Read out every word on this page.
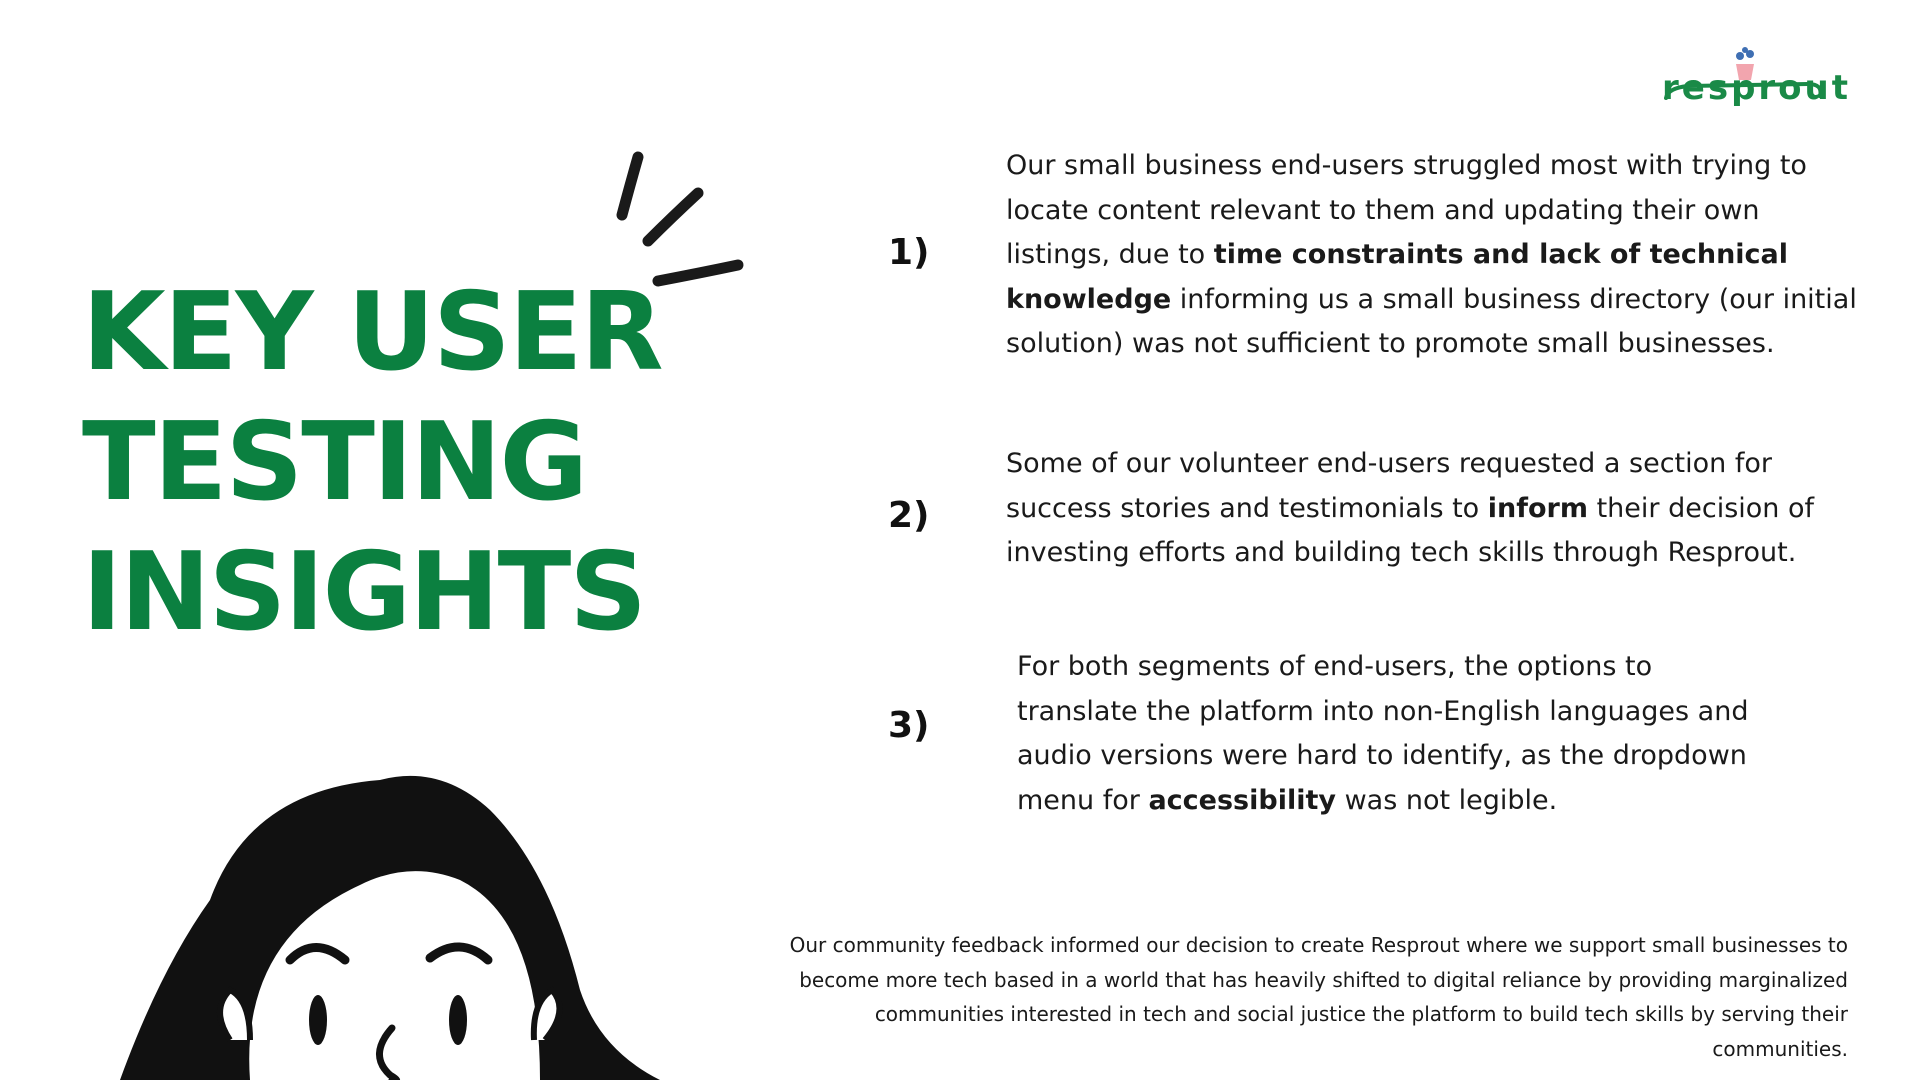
resprout
KEY USER
TESTING
INSIGHTS
1)
Our small business end-users struggled most with trying to locate content relevant to them and updating their own listings, due to time constraints and lack of technical knowledge informing us a small business directory (our initial solution) was not sufficient to promote small businesses.
2)
Some of our volunteer end-users requested a section for success stories and testimonials to inform their decision of investing efforts and building tech skills through Resprout.
3)
For both segments of end-users, the options to translate the platform into non-English languages and audio versions were hard to identify, as the dropdown menu for accessibility was not legible.
Our community feedback informed our decision to create Resprout where we support small businesses to become more tech based in a world that has heavily shifted to digital reliance by providing marginalized communities interested in tech and social justice the platform to build tech skills by serving their communities.
